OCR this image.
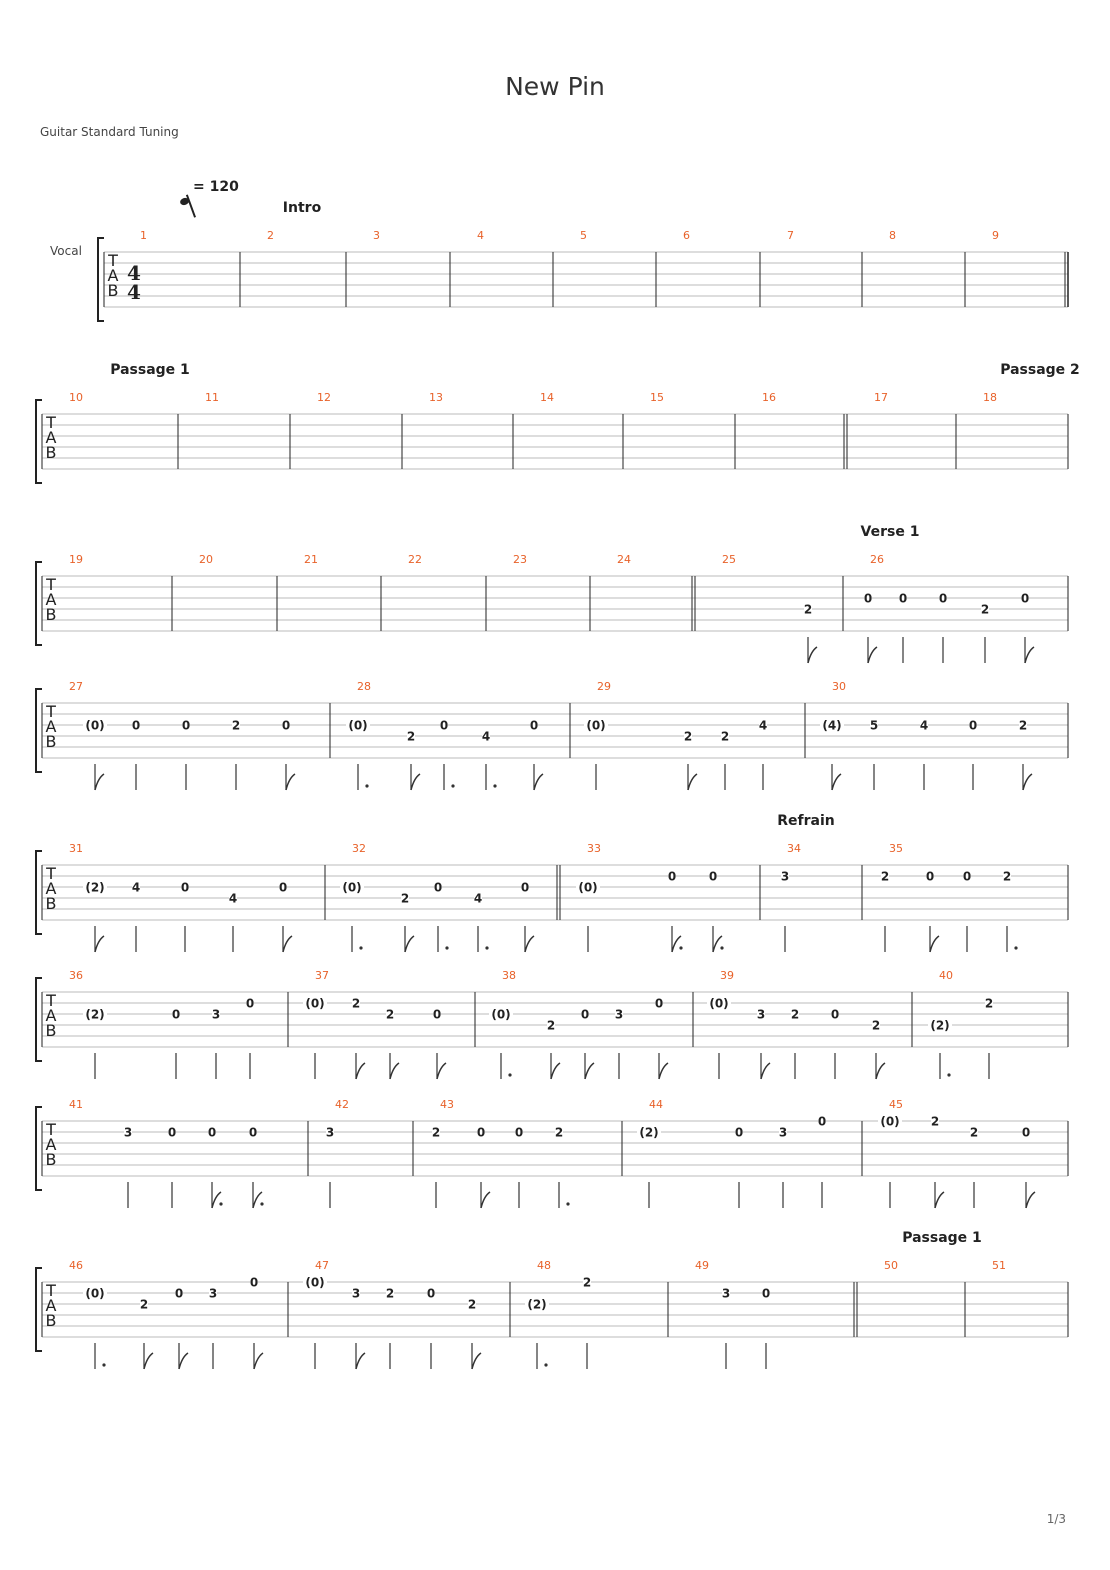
New Pin
Guitar Standard Tuning
= 120
1/3
T
A
B
Vocal
4
4
1	2	3	4	5	6	7	8	9
Intro
T
A
B
10	11	12	13	14	15	16	17	18
Passage 1	Passage 2
T
A
B
19	20	21	22	23	24	25	26
Verse 1
2
0 0	0
2
0
T
A
B
27	28	29	30
(0) 0	0	2	0	(0)
2
0
4
0	(0)
2 2
4	(4) 5	4	0	2
T
A
B
31	32	33	34	35
Refrain
(2) 4	0
4
0	(0)
2
0
4
0	(0)
0	0	3	2	0 0	2
T
A
B
36	37	38	39	40
(2)	0	3
0	(0) 2
2	0	(0)
2
0 3
0	(0)
3 2	0
2	(2)
2
T
A
B
41	42	43	44	45
3	0	0	0	3	2	0 0	2	(2)	0	3
0	(0)	2
2	0
T
A
B
46	47	48	49	50	51
Passage 1
(0)
2
0 3
0	(0)
3 2	0
2	(2)
2
3	0
